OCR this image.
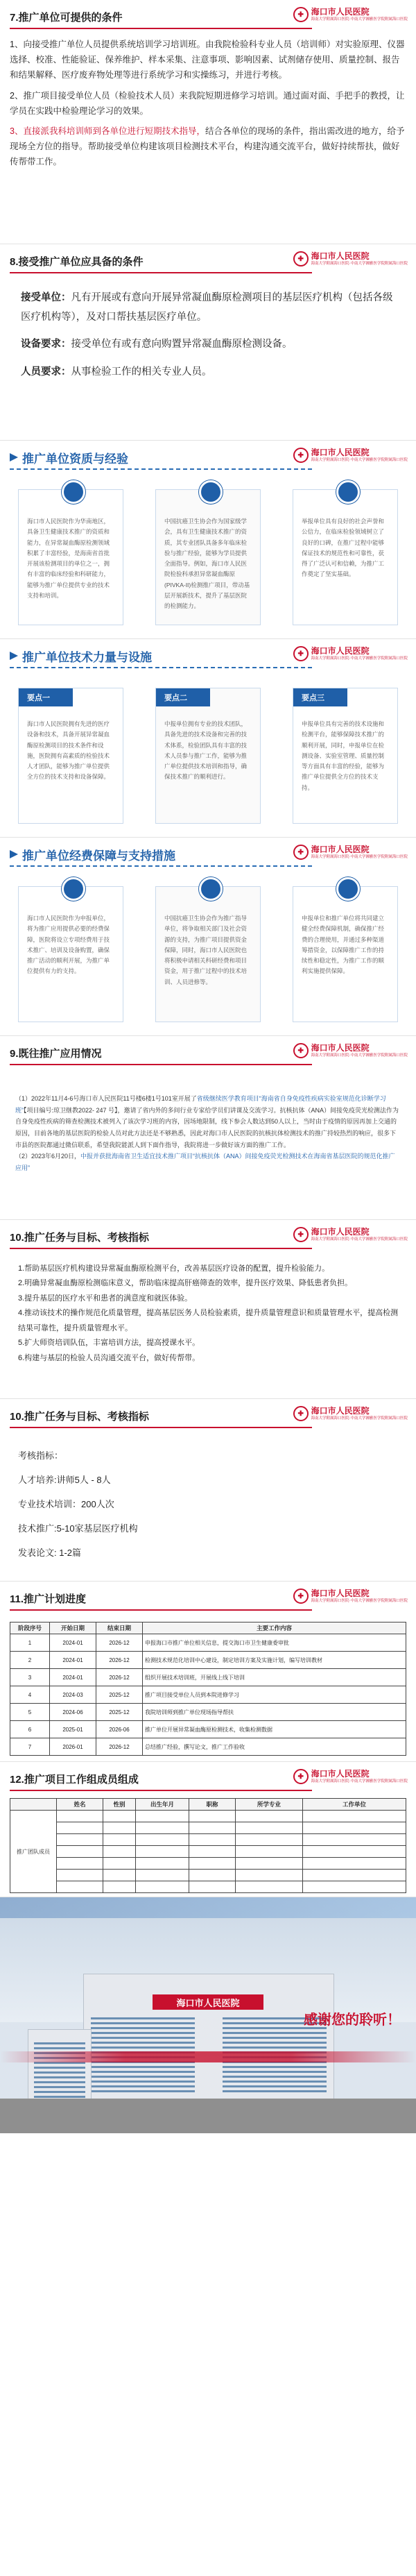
7.推广单位可提供的条件	✚ 海口市人民医院
海南大学附属海口医院·中南大学湘雅医学院附属海口医院

1、向接受推广单位人员提供系统培训学习培训班。由我院检验科专业人员（培训师）对实验原理、仪器选择、校准、性能验证、保养维护、样本采集、注意事项、影响因素、试剂储存使用、质量控制、报告和结果解释、医疗废弃物处理等进行系统学习和实操练习，并进行考核。

2、推广项目接受单位人员（检验技术人员）来我院短期进修学习培训。通过面对面、手把手的教授，让学员在实践中检验理论学习的效果。

3、直接派我科培训师到各单位进行短期技术指导，结合各单位的现场的条件，指出需改进的地方，给予现场全方位的指导。帮助接受单位构建该项目检测技术平台，构建沟通交流平台，做好持续帮扶，做好传帮带工作。

8.接受推广单位应具备的条件	✚ 海口市人民医院
海南大学附属海口医院·中南大学湘雅医学院附属海口医院

接受单位：凡有开展或有意向开展异常凝血酶原检测项目的基层医疗机构（包括各级医疗机构等），及对口帮扶基层医疗单位。

设备要求：接受单位有或有意向购置异常凝血酶原检测设备。

人员要求：从事检验工作的相关专业人员。

推广单位资质与经验	✚ 海口市人民医院
海南大学附属海口医院·中南大学湘雅医学院附属海口医院
海口市人民医院作为华南地区，具备卫生健康技术推广的资质和能力，在异常凝血酶原检测领域积累了丰富经验，是海南省首批开展该检测项目的单位之一，拥有丰富的临床经验和科研能力，能够为推广单位提供专业的技术支持和培训。
中国抗癌卫生协会作为国家级学会，具有卫生健康技术推广的资质，其专业团队具备多年临床检验与推广经验，能够为学员提供全面指导。例如，海口市人民医院检验科承担异常凝血酶原(PIVKA-II)检测推广项目，带动基层开展新技术，提升了基层医院的检测能力。
举报单位具有良好的社会声誉和公信力，在临床检验领域树立了良好的口碑，在推广过程中能够保证技术的规范性和可靠性，获得了广泛认可和信赖，为推广工作奠定了坚实基础。
推广单位技术力量与设施	✚ 海口市人民医院
海南大学附属海口医院·中南大学湘雅医学院附属海口医院
要点一
海口市人民医院拥有先进的医疗设备和技术，具备开展异常凝血酶原检测项目的技术条件和设施，医院拥有高素质的检验技术人才团队，能够为推广单位提供全方位的技术支持和设备保障。
要点二
中报单位拥有专业的技术团队，具备先进的技术设备和完善的技术体系，检验团队具有丰富的技术人员参与推广工作，能够为推广单位提供技术培训和指导，确保技术推广的顺利进行。
要点三
申报单位具有完善的技术设施和检测平台，能够保障技术推广的顺利开展，同时，申报单位在检测设备、实验室管理、质量控制等方面具有丰富的经验，能够为推广单位提供全方位的技术支持。
推广单位经费保障与支持措施	✚ 海口市人民医院
海南大学附属海口医院·中南大学湘雅医学院附属海口医院
海口市人民医院作为申报单位，将为推广应用提供必要的经费保障，医院将设立专项经费用于技术推广、培训及设备购置，确保推广活动的顺利开展，为推广单位提供有力的支持。
中国抗癌卫生协会作为推广指导单位，将争取相关部门及社会资源的支持，为推广项目提供资金保障，同时，海口市人民医院也将积极申请相关科研经费和项目资金，用于推广过程中的技术培训、人员进修等。
申报单位和推广单位将共同建立健全经费保障机制，确保推广经费的合理使用，并通过多种渠道筹措资金，以保障推广工作的持续性和稳定性，为推广工作的顺利实施提供保障。
9.既往推广应用情况	✚ 海口市人民医院
海南大学附属海口医院·中南大学湘雅医学院附属海口医院

（1）2022年11月4-6号海口市人民医院11号楼6楼1号101室开展了省级继续医学教育项目“海南省自身免疫性疾病实验室规范化诊断学习班”【项目编号:琼卫继教2022- 247 号】，邀请了省内外的多间行业专家给学员们讲课及交流学习。抗核抗体（ANA）间接免疫荧光检测法作为自身免疫性疾病的筛查检测技术被列入了该次学习班的内容，因场地限制，线下参会人数达到50人以上，当时由于疫情的原因再加上交通的原因，目前各地的基层医院的检验人员对此方法还是不够熟悉，因此对海口市人民医院的抗核抗体检测技术的推广持较热烈的响应，很多下市县的医院都通过微信联系，希望我院能派人到下面作指导，我院将进一步做好该方面的推广工作。

（2）2023年6月20日，中报并获批海南省卫生适宜技术推广项目“抗核抗体（ANA）间接免疫荧光检测技术在海南省基层医院的规范化推广应用”

10.推广任务与目标、考核指标	✚ 海口市人民医院
海南大学附属海口医院·中南大学湘雅医学院附属海口医院

1.帮助基层医疗机构建设异常凝血酶原检测平台，改善基层医疗设备的配置，提升检验能力。

2.明确异常凝血酶原检测临床意义，帮助临床提高肝癌筛查的效率，提升医疗效果、降低患者负担。

3.提升基层的医疗水平和患者的满意度和就医体验。

4.推动该技术的操作规范化质量管理，提高基层医务人员检验素质，提升质量管理意识和质量管理水平，提高检测结果可靠性，提升质量管理水平。

5.扩大师资培训队伍，丰富培训方法，提高授课水平。

6.构建与基层的检验人员沟通交流平台，做好传帮带。

10.推广任务与目标、考核指标	✚ 海口市人民医院
海南大学附属海口医院·中南大学湘雅医学院附属海口医院

考核指标：

人才培养:讲师5人 - 8人

专业技术培训：200人次

技术推广:5-10家基层医疗机构

发表论文: 1-2篇

11.推广计划进度	✚ 海口市人民医院
海南大学附属海口医院·中南大学湘雅医学院附属海口医院
阶段序号	开始日期	结束日期	主要工作内容
1	2024-01	2026-12	申报海口市推广单位相关信息，提交海口市卫生健康委审批
2	2024-01	2026-12	检测技术规范化培训中心建设，制定培训方案及实施计划，编写培训教材
3	2024-01	2026-12	组织开展技术培训班，开展线上线下培训
4	2024-03	2025-12	推广项目接受单位人员到本院进修学习
5	2024-06	2025-12	我院培训师到推广单位现场指导帮扶
6	2025-01	2026-06	推广单位开展异常凝血酶原检测技术，收集检测数据
7	2026-01	2026-12	总结推广经验，撰写论文，推广工作验收
12.推广项目工作组成员组成	✚ 海口市人民医院
海南大学附属海口医院·中南大学湘雅医学院附属海口医院
	姓名	性别	出生年月	职称	所学专业	工作单位
推广团队成员						

海口市人民医院
感谢您的聆听！
